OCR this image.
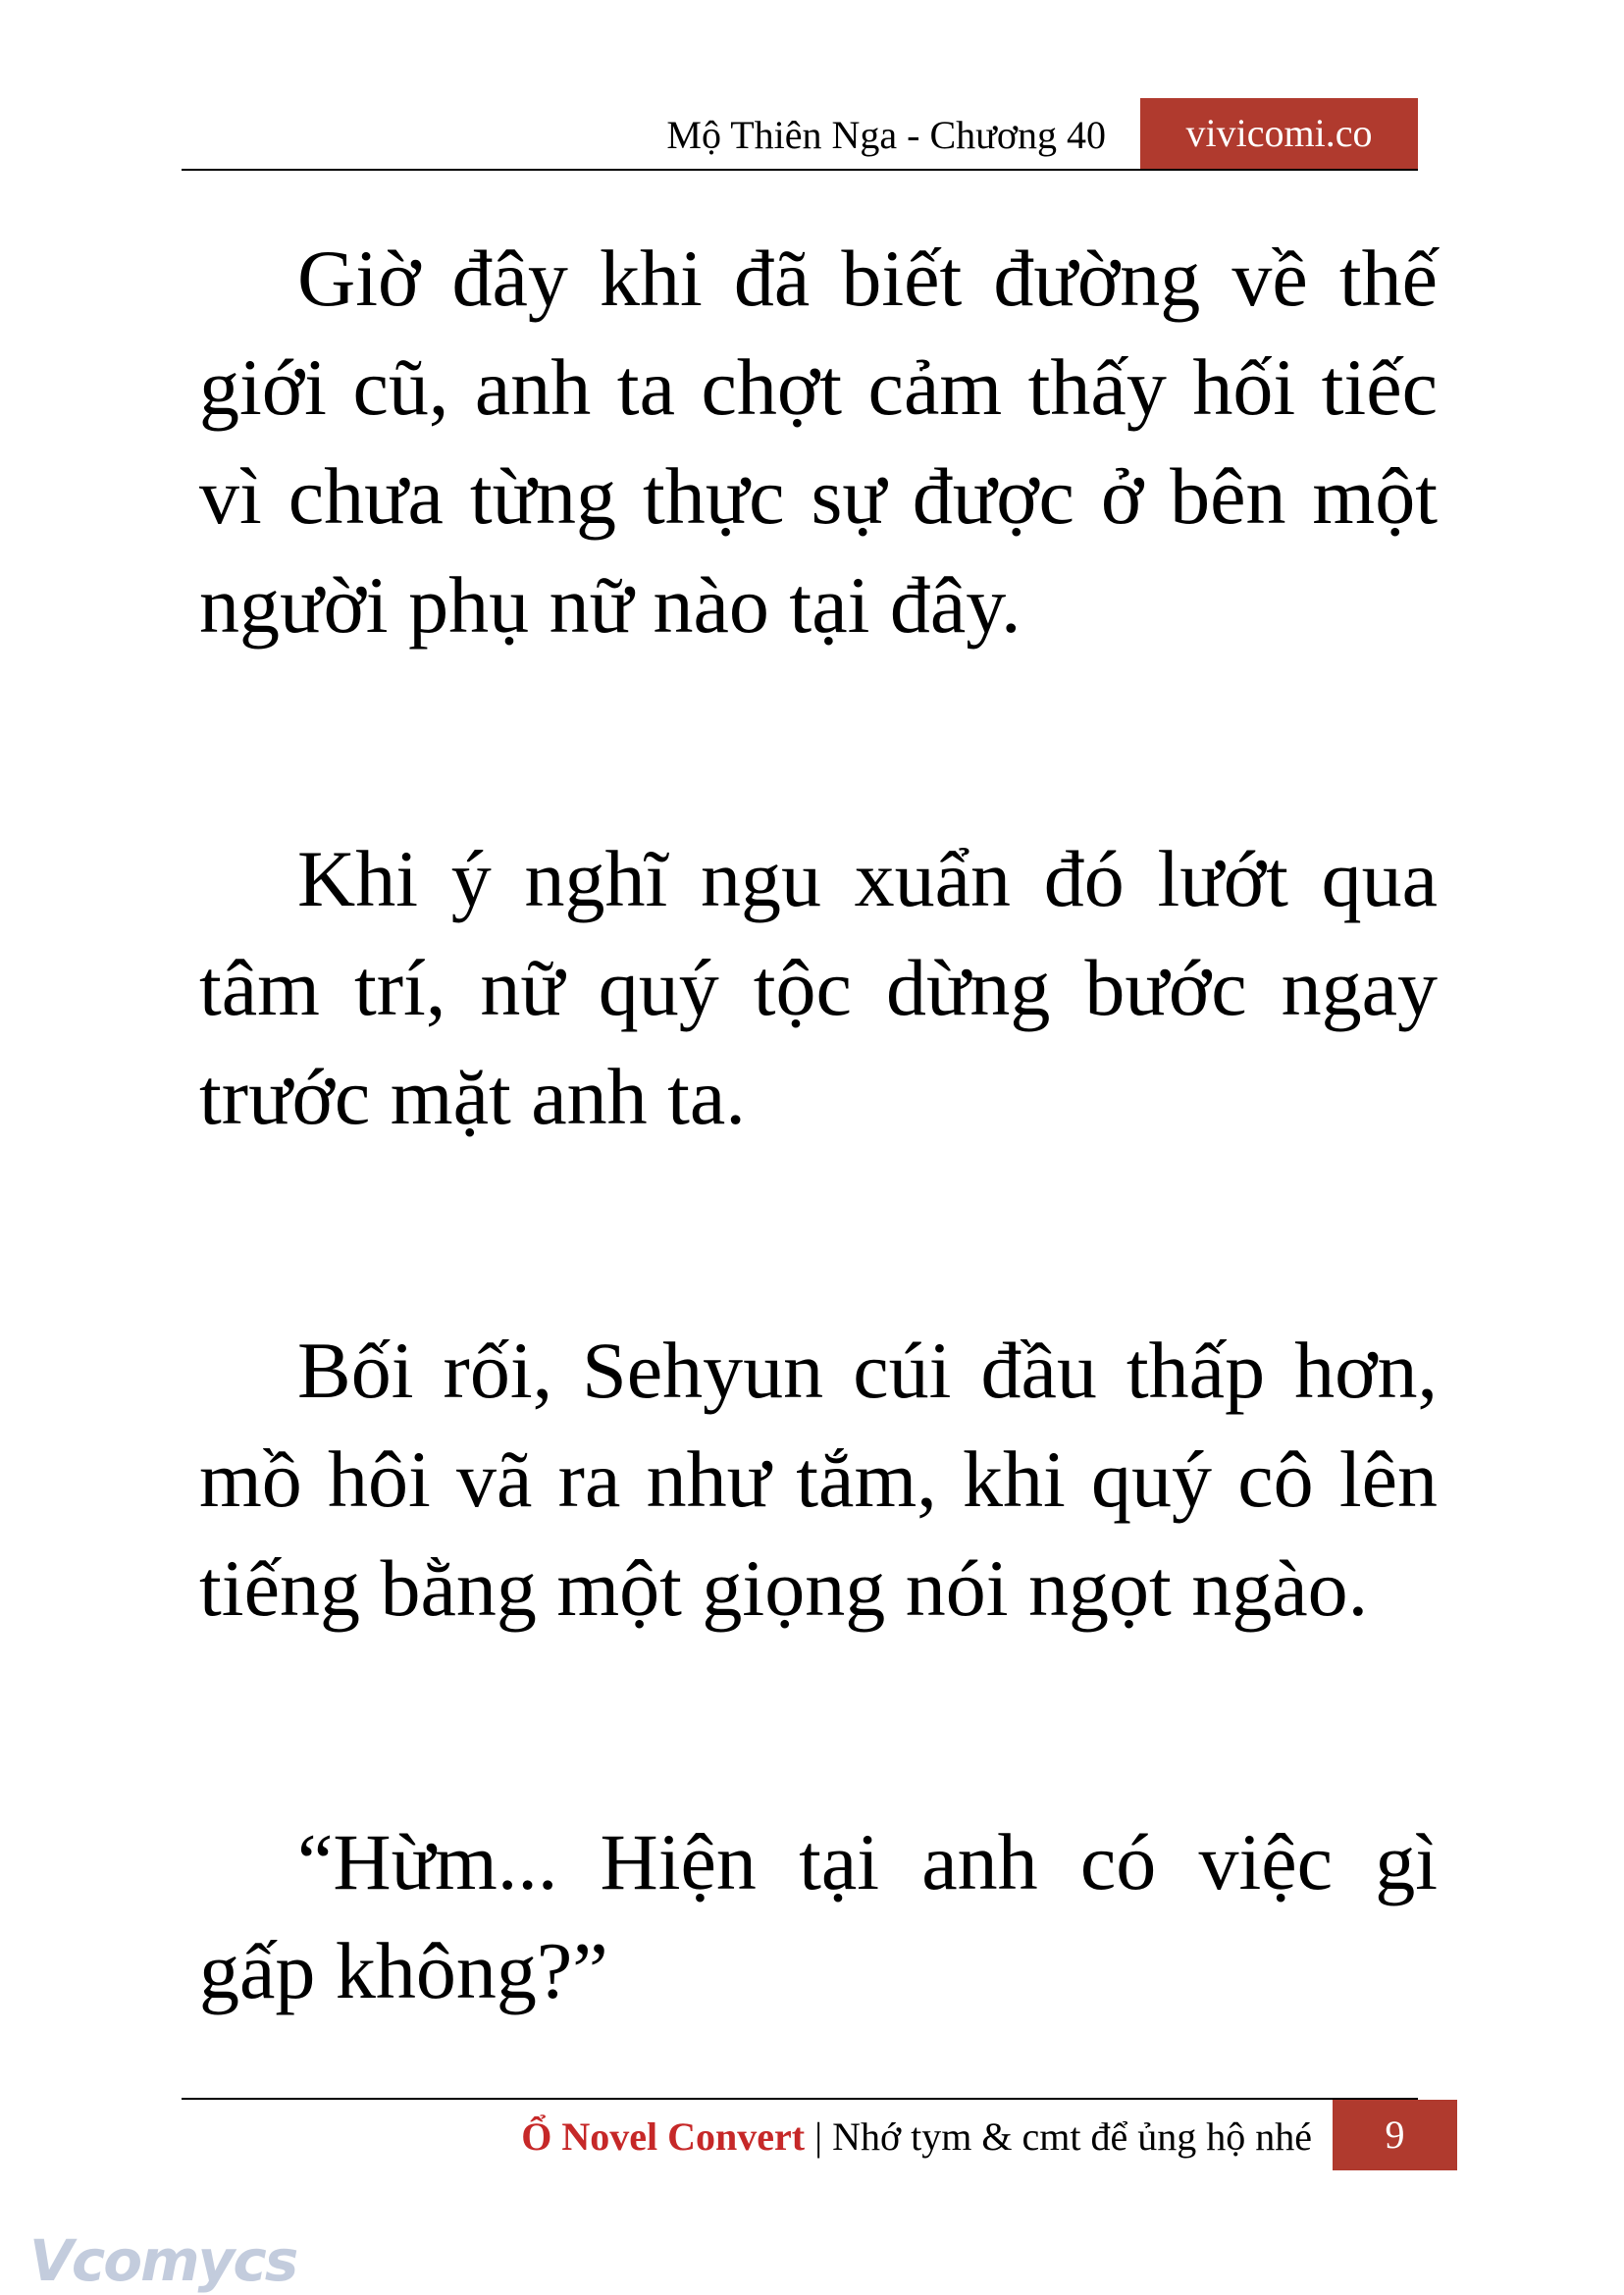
Mộ Thiên Nga - Chương 40	vivicomi.co

Giờ đây khi đã biết đường về thế giới cũ, anh ta chợt cảm thấy hối tiếc vì chưa từng thực sự được ở bên một người phụ nữ nào tại đây.

Khi ý nghĩ ngu xuẩn đó lướt qua tâm trí, nữ quý tộc dừng bước ngay trước mặt anh ta.

Bối rối, Sehyun cúi đầu thấp hơn, mồ hôi vã ra như tắm, khi quý cô lên tiếng bằng một giọng nói ngọt ngào.

“Hừm... Hiện tại anh có việc gì gấp không?”

Ổ Novel Convert | Nhớ tym & cmt để ủng hộ nhé	9
Vcomycs
